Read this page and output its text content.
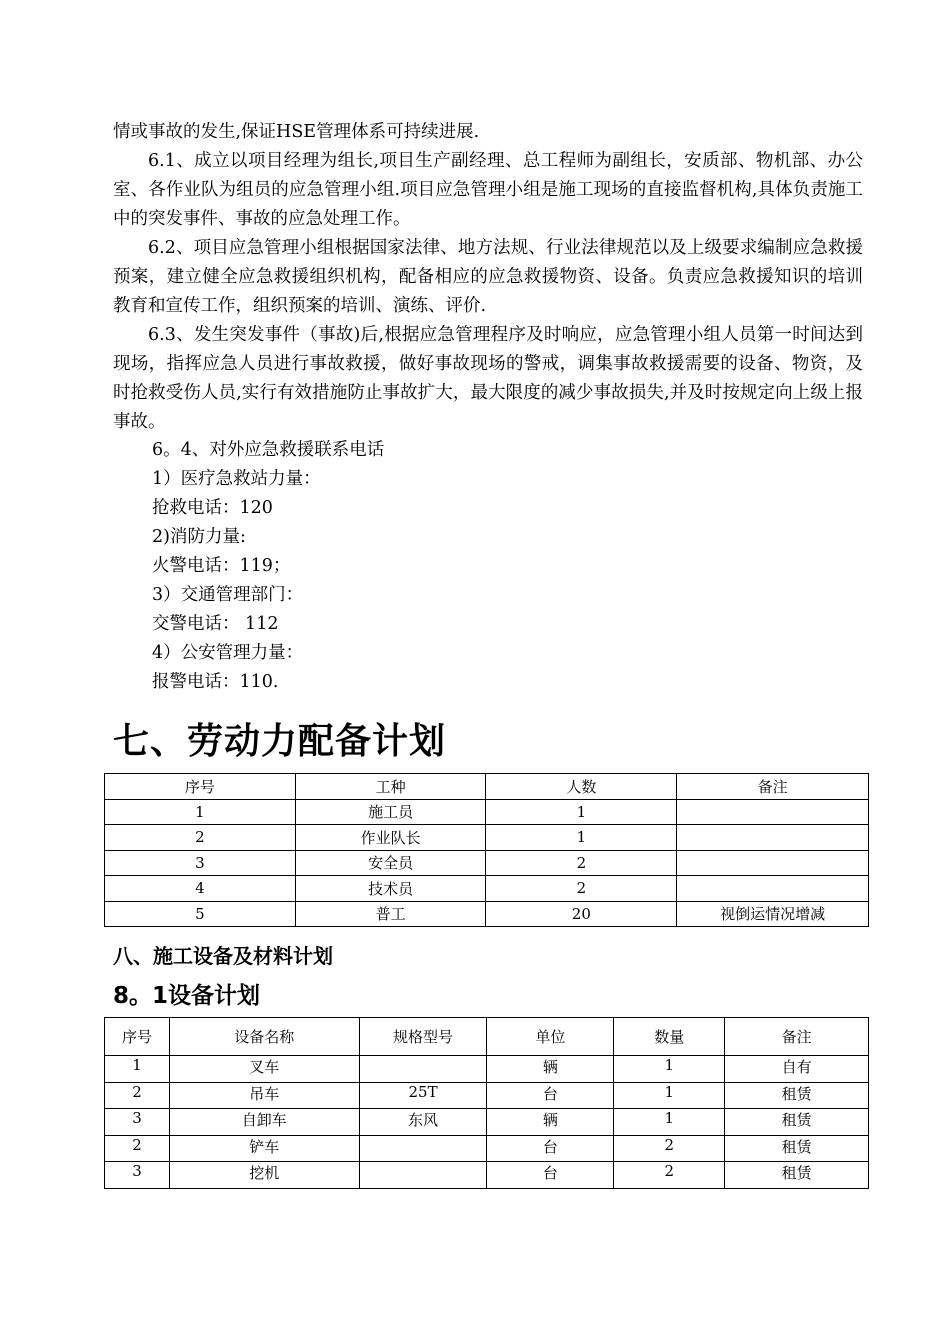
情或事故的发生,保证HSE管理体系可持续进展.

6.1、成立以项目经理为组长,项目生产副经理、总工程师为副组长，安质部、物机部、办公室、各作业队为组员的应急管理小组.项目应急管理小组是施工现场的直接监督机构,具体负责施工中的突发事件、事故的应急处理工作。

6.2、项目应急管理小组根据国家法律、地方法规、行业法律规范以及上级要求编制应急救援预案，建立健全应急救援组织机构，配备相应的应急救援物资、设备。负责应急救援知识的培训教育和宣传工作，组织预案的培训、演练、评价.

6.3、发生突发事件（事故)后,根据应急管理程序及时响应，应急管理小组人员第一时间达到现场，指挥应急人员进行事故救援，做好事故现场的警戒，调集事故救援需要的设备、物资，及时抢救受伤人员,实行有效措施防止事故扩大，最大限度的减少事故损失,并及时按规定向上级上报事故。

6。4、对外应急救援联系电话

1）医疗急救站力量：

抢救电话：120

2)消防力量:

火警电话：119；

3）交通管理部门：

交警电话： 112

4）公安管理力量：

报警电话：110.

七、劳动力配备计划
序号	工种	人数	备注
1	施工员	1	
2	作业队长	1	
3	安全员	2	
4	技术员	2	
5	普工	20	视倒运情况增减
八、施工设备及材料计划
8。1设备计划
序号	设备名称	规格型号	单位	数量	备注
1	叉车		辆	1	自有
2	吊车	25T	台	1	租赁
3	自卸车	东风	辆	1	租赁
2	铲车		台	2	租赁
3	挖机		台	2	租赁
